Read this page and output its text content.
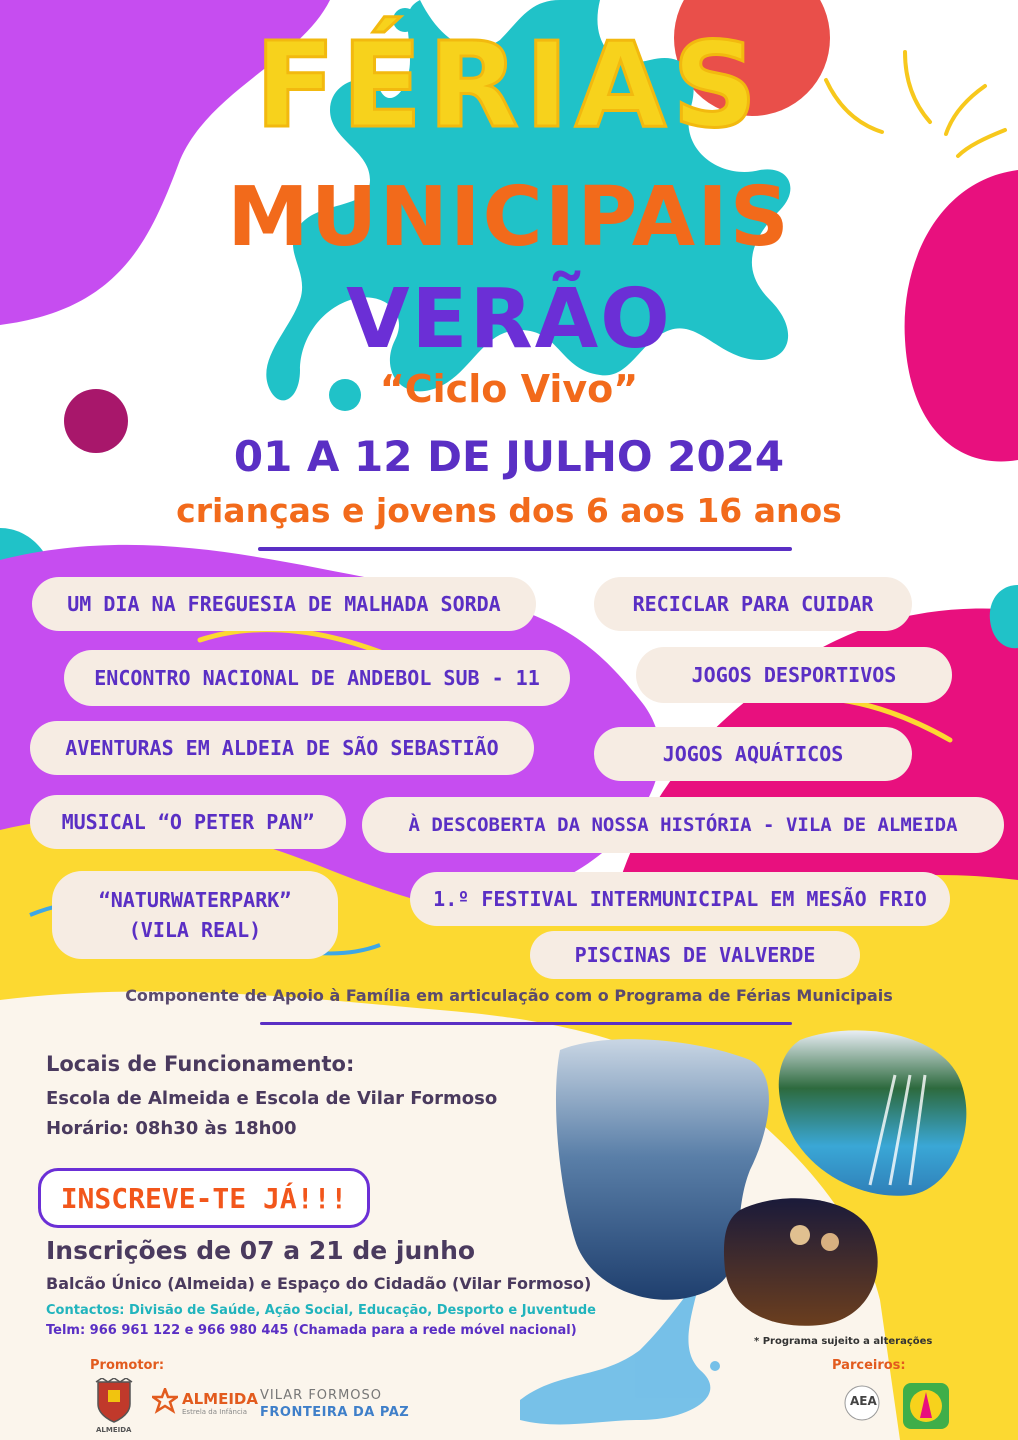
FÉRIAS
MUNICIPAIS
VERÃO
“Ciclo Vivo”
01 A 12 DE JULHO 2024
crianças e jovens dos 6 aos 16 anos
UM DIA NA FREGUESIA DE MALHADA SORDA	RECICLAR PARA CUIDAR
ENCONTRO NACIONAL DE ANDEBOL SUB - 11	JOGOS DESPORTIVOS
AVENTURAS EM ALDEIA DE SÃO SEBASTIÃO	JOGOS AQUÁTICOS
MUSICAL “O PETER PAN”	À DESCOBERTA DA NOSSA HISTÓRIA - VILA DE ALMEIDA
“NATURWATERPARK”
(VILA REAL)
1.º FESTIVAL INTERMUNICIPAL EM MESÃO FRIO
PISCINAS DE VALVERDE
Componente de Apoio à Família em articulação com o Programa de Férias Municipais
Locais de Funcionamento:
Escola de Almeida e Escola de Vilar Formoso
Horário: 08h30 às 18h00
INSCREVE-TE JÁ!!!
Inscrições de 07 a 21 de junho
Balcão Único (Almeida) e Espaço do Cidadão (Vilar Formoso)
Contactos: Divisão de Saúde, Ação Social, Educação, Desporto e Juventude
Telm: 966 961 122 e 966 980 445 (Chamada para a rede móvel nacional)
* Programa sujeito a alterações
Promotor:	Parceiros:
ALMEIDA
ALMEIDA
Estrela da Infância
VILAR FORMOSO
FRONTEIRA DA PAZ
AEA
